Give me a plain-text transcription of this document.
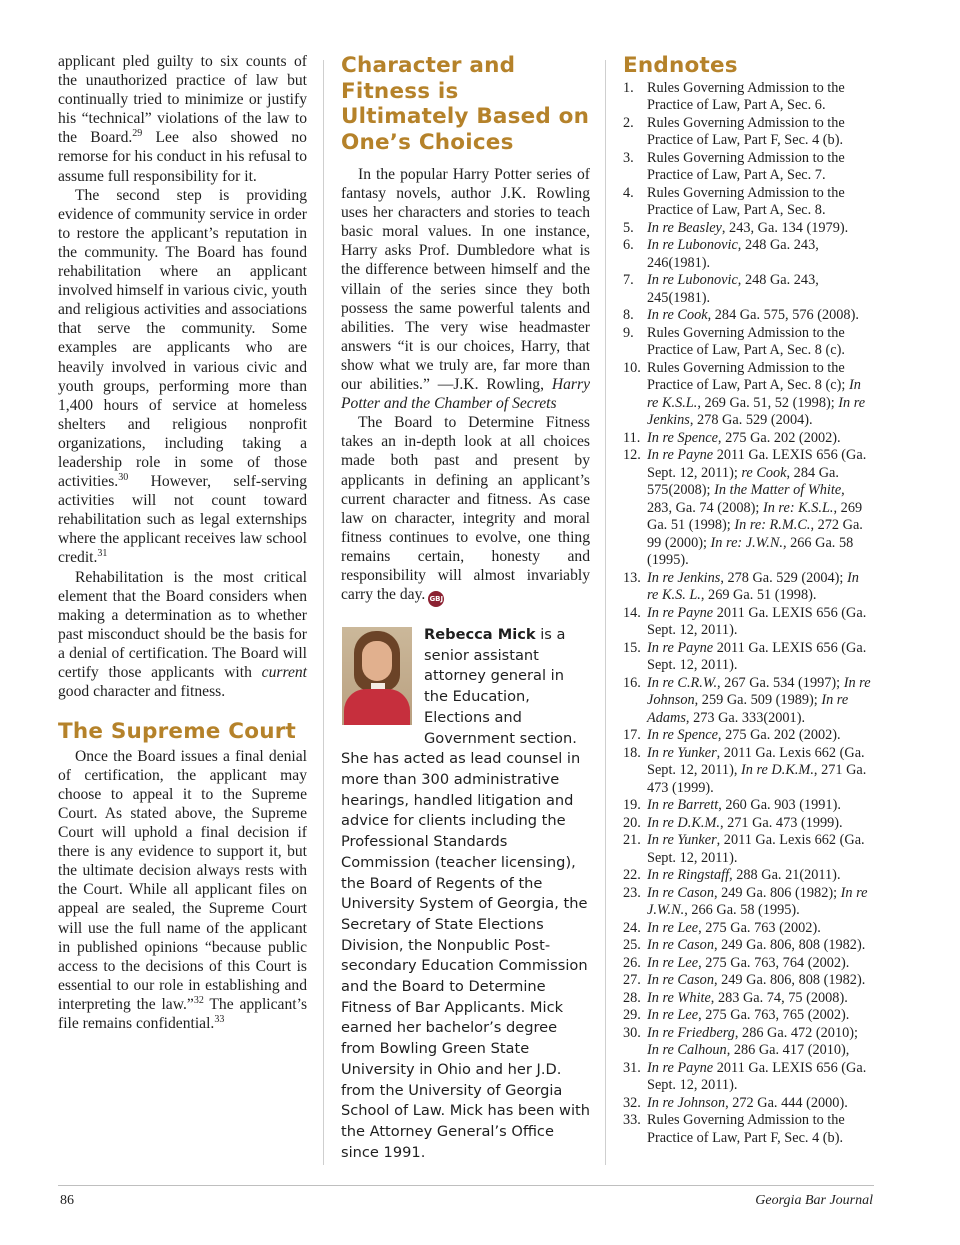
applicant pled guilty to six counts of the unauthorized practice of law but continually tried to minimize or justify his “technical” violations of the law to the Board.$^{29}$ Lee also showed no remorse for his conduct in his refusal to assume full responsibility for it.

The second step is providing evidence of community service in order to restore the applicant’s reputation in the community. The Board has found rehabilitation where an applicant involved himself in various civic, youth and religious activities and associations that serve the community. Some examples are applicants who are heavily involved in various civic and youth groups, performing more than 1,400 hours of service at homeless shelters and religious nonprofit organizations, including taking a leadership role in some of those activities.$^{30}$ However, self-serving activities will not count toward rehabilitation such as legal externships where the applicant receives law school credit.$^{31}$

Rehabilitation is the most critical element that the Board considers when making a determination as to whether past misconduct should be the basis for a denial of certification. The Board will certify those applicants with current good character and fitness.

The Supreme Court

Once the Board issues a final denial of certification, the applicant may choose to appeal it to the Supreme Court. As stated above, the Supreme Court will uphold a final decision if there is any evidence to support it, but the ultimate decision always rests with the Court. While all applicant files on appeal are sealed, the Supreme Court will use the full name of the applicant in published opinions “because public access to the decisions of this Court is essential to our role in establishing and interpreting the law.”$^{32}$ The applicant’s file remains confidential.$^{33}$

Character and Fitness is Ultimately Based on One’s Choices

In the popular Harry Potter series of fantasy novels, author J.K. Rowling uses her characters and stories to teach basic moral values. In one instance, Harry asks Prof. Dumbledore what is the difference between himself and the villain of the series since they both possess the same powerful talents and abilities. The very wise headmaster answers “it is our choices, Harry, that show what we truly are, far more than our abilities.” —J.K. Rowling, Harry Potter and the Chamber of Secrets

The Board to Determine Fitness takes an in-depth look at all choices made both past and present by applicants in defining an applicant’s current character and fitness. As case law on character, integrity and moral fitness continues to evolve, one thing remains certain, honesty and responsibility will almost invariably carry the day. GBJ

Rebecca Mick is a senior assistant attorney general in the Education, Elections and Government section. She has acted as lead counsel in more than 300 administrative hearings, handled litigation and advice for clients including the Professional Standards Commission (teacher licensing), the Board of Regents of the University System of Georgia, the Secretary of State Elections Division, the Nonpublic Post-secondary Education Commission and the Board to Determine Fitness of Bar Applicants. Mick earned her bachelor’s degree from Bowling Green State University in Ohio and her J.D. from the University of Georgia School of Law. Mick has been with the Attorney General’s Office since 1991.
Endnotes
1. Rules Governing Admission to the Practice of Law, Part A, Sec. 6.
2. Rules Governing Admission to the Practice of Law, Part F, Sec. 4 (b).
3. Rules Governing Admission to the Practice of Law, Part A, Sec. 7.
4. Rules Governing Admission to the Practice of Law, Part A, Sec. 8.
5. In re Beasley, 243, Ga. 134 (1979).
6. In re Lubonovic, 248 Ga. 243, 246(1981).
7. In re Lubonovic, 248 Ga. 243, 245(1981).
8. In re Cook, 284 Ga. 575, 576 (2008).
9. Rules Governing Admission to the Practice of Law, Part A, Sec. 8 (c).
10. Rules Governing Admission to the Practice of Law, Part A, Sec. 8 (c); In re K.S.L., 269 Ga. 51, 52 (1998); In re Jenkins, 278 Ga. 529 (2004).
11. In re Spence, 275 Ga. 202 (2002).
12. In re Payne 2011 Ga. LEXIS 656 (Ga. Sept. 12, 2011); re Cook, 284 Ga. 575(2008); In the Matter of White, 283, Ga. 74 (2008); In re: K.S.L., 269 Ga. 51 (1998); In re: R.M.C., 272 Ga. 99 (2000); In re: J.W.N., 266 Ga. 58 (1995).
13. In re Jenkins, 278 Ga. 529 (2004); In re K.S. L., 269 Ga. 51 (1998).
14. In re Payne 2011 Ga. LEXIS 656 (Ga. Sept. 12, 2011).
15. In re Payne 2011 Ga. LEXIS 656 (Ga. Sept. 12, 2011).
16. In re C.R.W., 267 Ga. 534 (1997); In re Johnson, 259 Ga. 509 (1989); In re Adams, 273 Ga. 333(2001).
17. In re Spence, 275 Ga. 202 (2002).
18. In re Yunker, 2011 Ga. Lexis 662 (Ga. Sept. 12, 2011), In re D.K.M., 271 Ga. 473 (1999).
19. In re Barrett, 260 Ga. 903 (1991).
20. In re D.K.M., 271 Ga. 473 (1999).
21. In re Yunker, 2011 Ga. Lexis 662 (Ga. Sept. 12, 2011).
22. In re Ringstaff, 288 Ga. 21(2011).
23. In re Cason, 249 Ga. 806 (1982); In re J.W.N., 266 Ga. 58 (1995).
24. In re Lee, 275 Ga. 763 (2002).
25. In re Cason, 249 Ga. 806, 808 (1982).
26. In re Lee, 275 Ga. 763, 764 (2002).
27. In re Cason, 249 Ga. 806, 808 (1982).
28. In re White, 283 Ga. 74, 75 (2008).
29. In re Lee, 275 Ga. 763, 765 (2002).
30. In re Friedberg, 286 Ga. 472 (2010); In re Calhoun, 286 Ga. 417 (2010),
31. In re Payne 2011 Ga. LEXIS 656 (Ga. Sept. 12, 2011).
32. In re Johnson, 272 Ga. 444 (2000).
33. Rules Governing Admission to the Practice of Law, Part F, Sec. 4 (b).
86	Georgia Bar Journal
